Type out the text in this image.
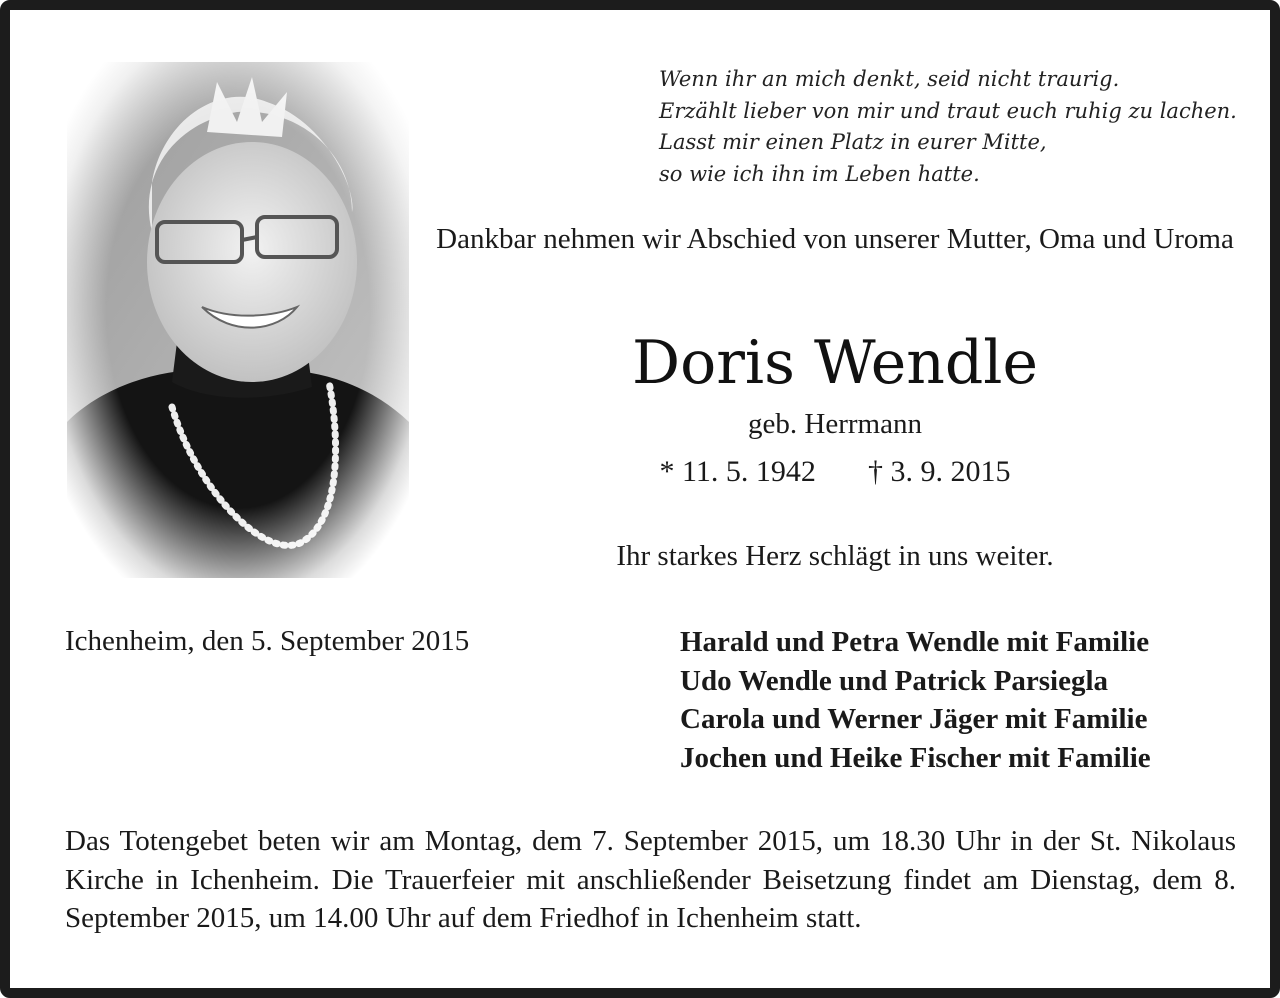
Wenn ihr an mich denkt, seid nicht traurig.
Erzählt lieber von mir und traut euch ruhig zu lachen.
Lasst mir einen Platz in eurer Mitte,
so wie ich ihn im Leben hatte.
Dankbar nehmen wir Abschied von unserer Mutter, Oma und Uroma
Doris Wendle
geb. Herrmann
* 11. 5. 1942 † 3. 9. 2015
Ihr starkes Herz schlägt in uns weiter.
Ichenheim, den 5. September 2015	Harald und Petra Wendle mit Familie
Udo Wendle und Patrick Parsiegla
Carola und Werner Jäger mit Familie
Jochen und Heike Fischer mit Familie
Das Totengebet beten wir am Montag, dem 7. September 2015, um 18.30 Uhr in der St. Nikolaus Kirche in Ichenheim. Die Trauerfeier mit anschließender Beisetzung findet am Dienstag, dem 8. September 2015, um 14.00 Uhr auf dem Friedhof in Ichenheim statt.
